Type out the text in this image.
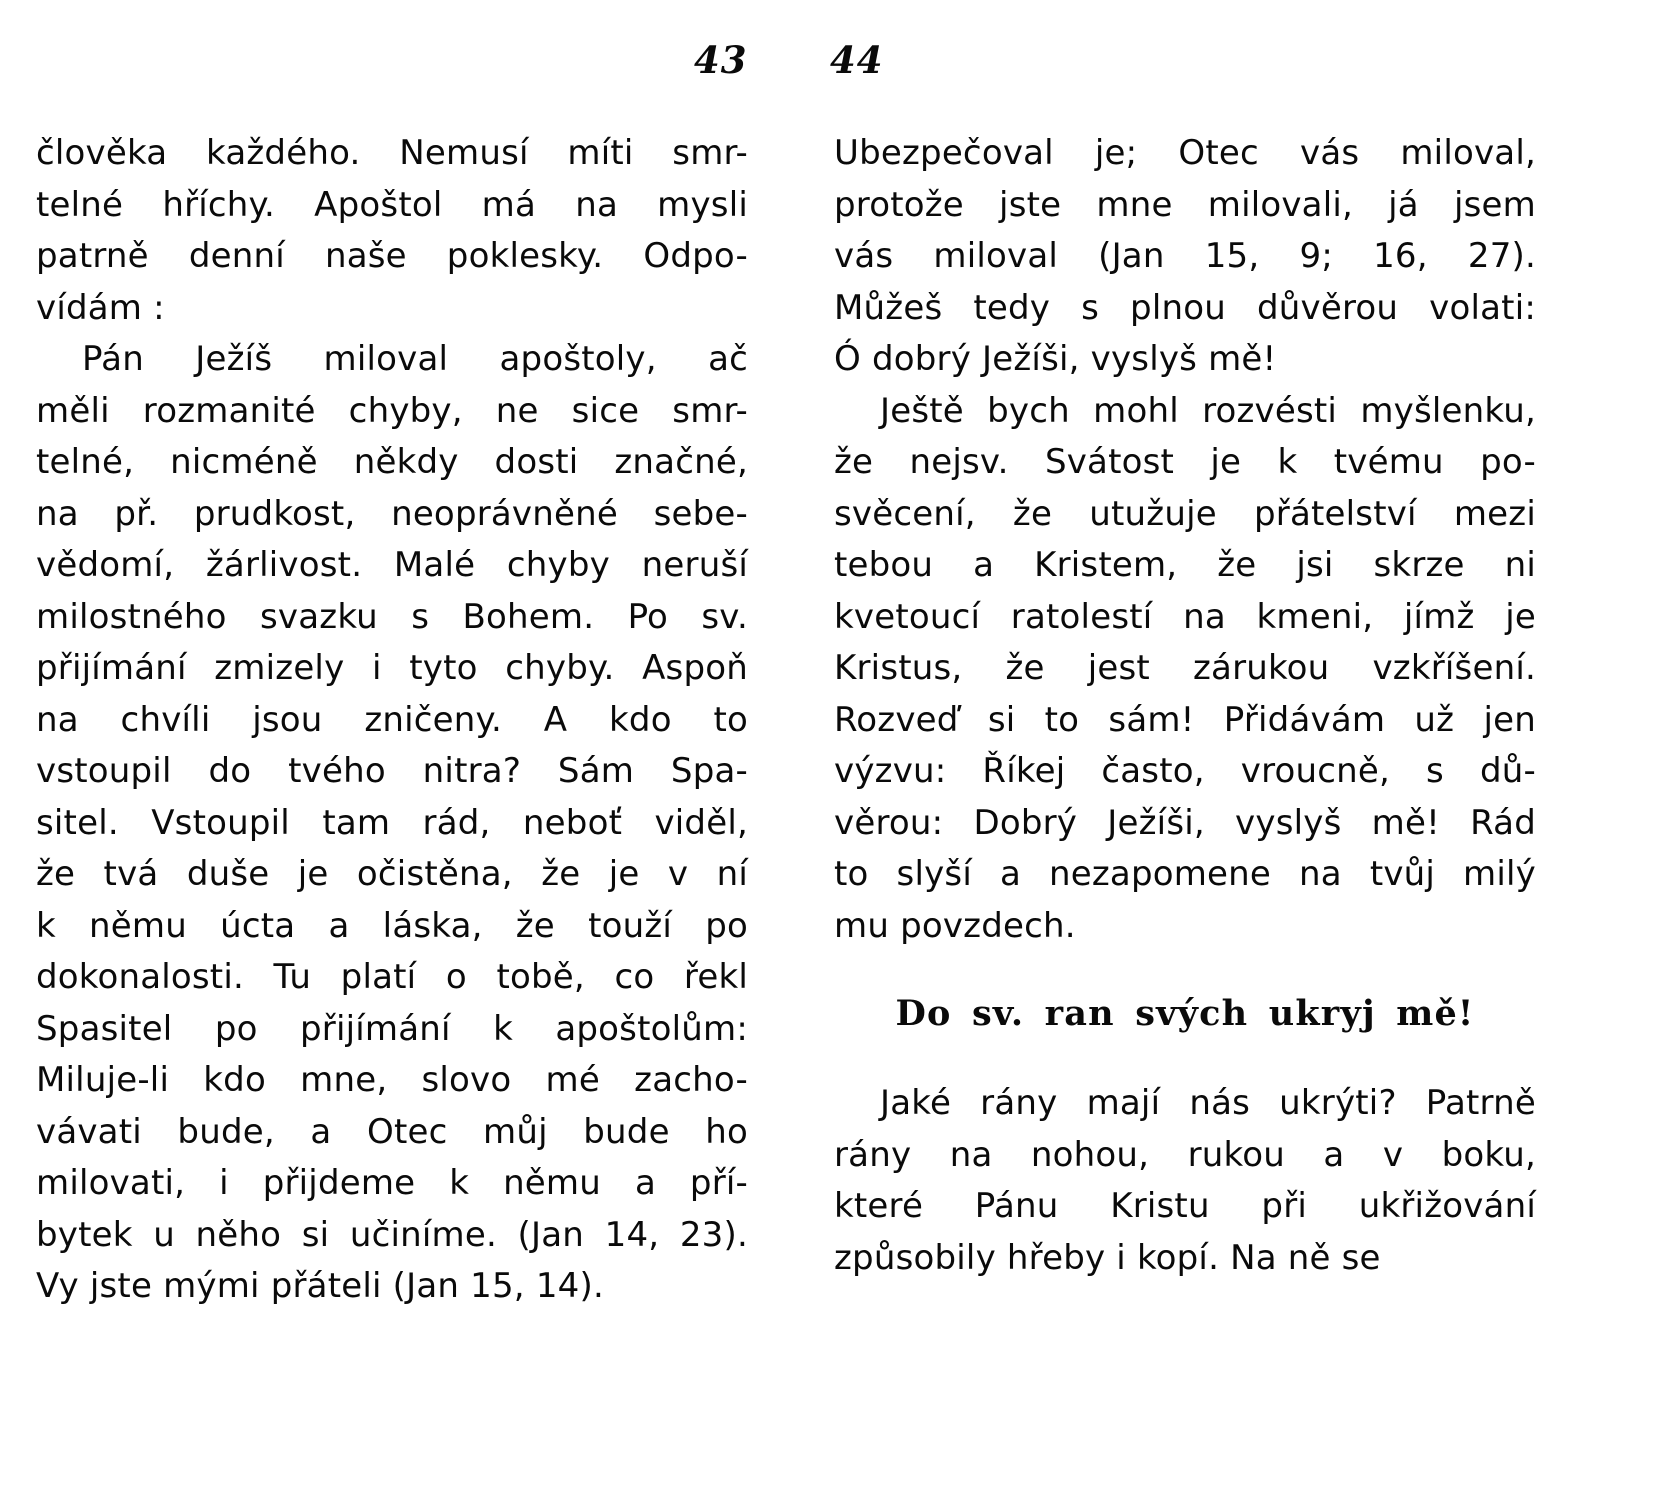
43 44
člověka každého. Nemusí míti smr-
telné hříchy. Apoštol má na mysli
patrně denní naše poklesky. Odpo-
vídám :
Pán Ježíš miloval apoštoly, ač
měli rozmanité chyby, ne sice smr-
telné, nicméně někdy dosti značné,
na př. prudkost, neoprávněné sebe-
vědomí, žárlivost. Malé chyby neruší
milostného svazku s Bohem. Po sv.
přijímání zmizely i tyto chyby. Aspoň
na chvíli jsou zničeny. A kdo to
vstoupil do tvého nitra? Sám Spa-
sitel. Vstoupil tam rád, neboť viděl,
že tvá duše je očistěna, že je v ní
k němu úcta a láska, že touží po
dokonalosti. Tu platí o tobě, co řekl
Spasitel po přijímání k apoštolům:
Miluje-li kdo mne, slovo mé zacho-
vávati bude, a Otec můj bude ho
milovati, i přijdeme k němu a pří-
bytek u něho si učiníme. (Jan 14, 23).
Vy jste mými přáteli (Jan 15, 14).
Ubezpečoval je; Otec vás miloval,
protože jste mne milovali, já jsem
vás miloval (Jan 15, 9; 16, 27).
Můžeš tedy s plnou důvěrou volati:
Ó dobrý Ježíši, vyslyš mě!
Ještě bych mohl rozvésti myšlenku,
že nejsv. Svátost je k tvému po-
svěcení, že utužuje přátelství mezi
tebou a Kristem, že jsi skrze ni
kvetoucí ratolestí na kmeni, jímž je
Kristus, že jest zárukou vzkříšení.
Rozveď si to sám! Přidávám už jen
výzvu: Říkej často, vroucně, s dů-
věrou: Dobrý Ježíši, vyslyš mě! Rád
to slyší a nezapomene na tvůj milý
mu povzdech.
Do sv. ran svých ukryj mě!
Jaké rány mají nás ukrýti? Patrně
rány na nohou, rukou a v boku,
které Pánu Kristu při ukřižování
způsobily hřeby i kopí. Na ně se
